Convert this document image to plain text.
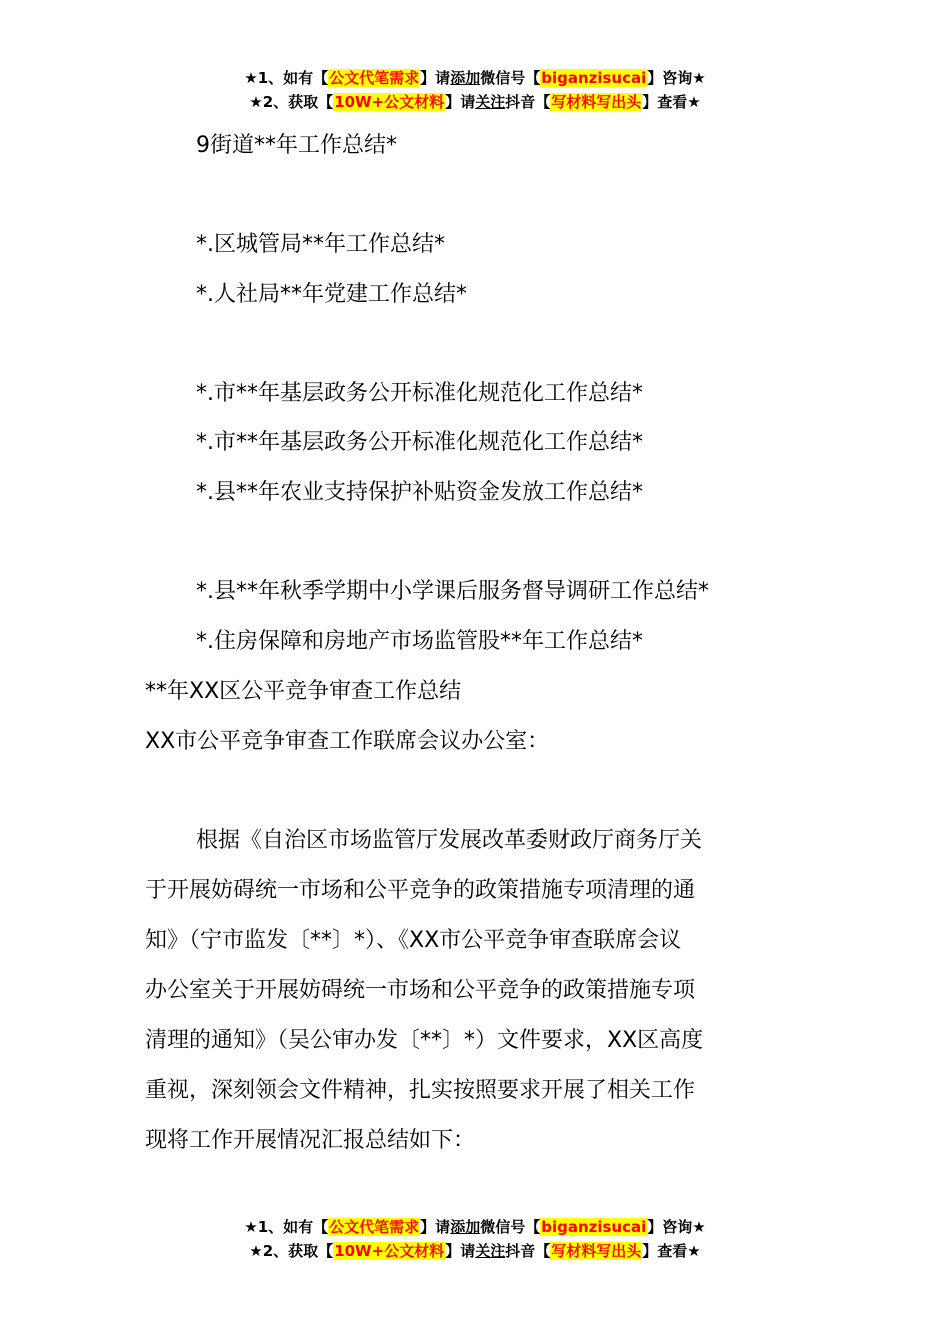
★1、如有【公文代笔需求】请添加微信号【biganzisucai】咨询★
★2、获取【10W+公文材料】请关注抖音【写材料写出头】查看★
9街道**年工作总结*
*.区城管局**年工作总结*
*.人社局**年党建工作总结*
*.市**年基层政务公开标准化规范化工作总结*
*.市**年基层政务公开标准化规范化工作总结*
*.县**年农业支持保护补贴资金发放工作总结*
*.县**年秋季学期中小学课后服务督导调研工作总结*
*.住房保障和房地产市场监管股**年工作总结*
**年XX区公平竞争审查工作总结
XX市公平竞争审查工作联席会议办公室：
根据《自治区市场监管厅发展改革委财政厅商务厅关
于开展妨碍统一市场和公平竞争的政策措施专项清理的通
知》（宁市监发〔**〕*）、《XX市公平竞争审查联席会议
办公室关于开展妨碍统一市场和公平竞争的政策措施专项
清理的通知》（吴公审办发〔**〕*）文件要求，XX区高度
重视，深刻领会文件精神，扎实按照要求开展了相关工作
现将工作开展情况汇报总结如下：
★1、如有【公文代笔需求】请添加微信号【biganzisucai】咨询★
★2、获取【10W+公文材料】请关注抖音【写材料写出头】查看★
